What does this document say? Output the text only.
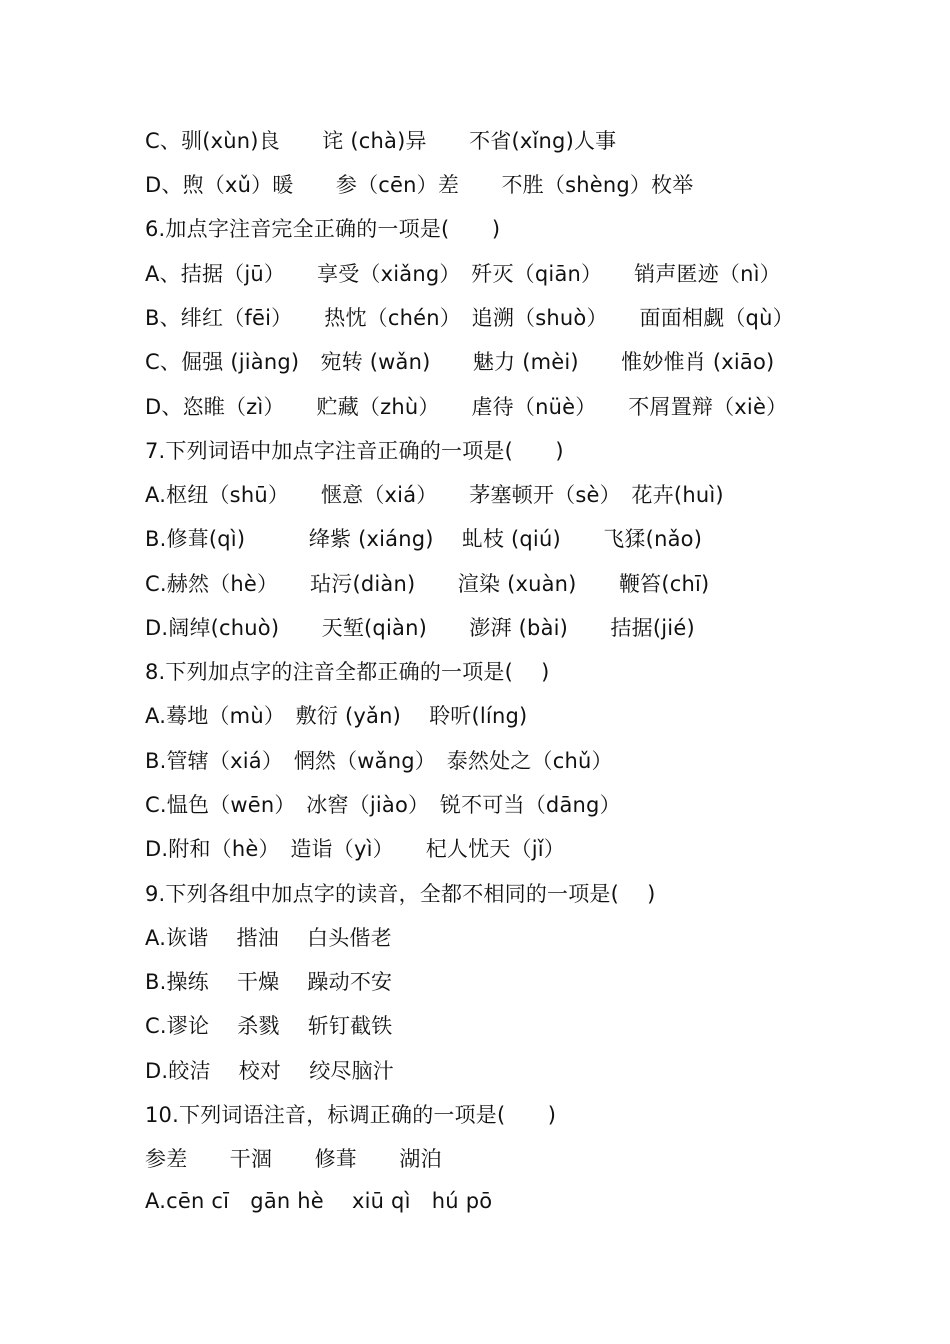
C、驯(xùn)良　　诧 (chà)异　　不省(xǐng)人事
D、煦（xǔ）暖　　参（cēn）差　　不胜（shèng）枚举
6.加点字注音完全正确的一项是(　　)
A、拮据（jū）　　享受（xiǎng）　歼灭（qiān）　　销声匿迹（nì）
B、绯红（fēi）　　热忱（chén）　追溯（shuò）　　面面相觑（qù）
C、倔强 (jiàng)　宛转 (wǎn)　　魅力 (mèi)　　惟妙惟肖 (xiāo)
D、恣睢（zì）　　贮藏（zhù）　　虐待（nüè）　　不屑置辩（xiè）
7.下列词语中加点字注音正确的一项是(　　)
A.枢纽（shū）　　惬意（xiá）　　茅塞顿开（sè）　花卉(huì)
B.修葺(qì)　　　绛紫 (xiáng)　 虬枝 (qiú)　　飞猱(nǎo)
C.赫然（hè）　　玷污(diàn)　　渲染 (xuàn)　　鞭笞(chī)
D.阔绰(chuò)　　天堑(qiàn)　　澎湃 (bài)　　拮据(jié)
8.下列加点字的注音全都正确的一项是(　 )
A.蓦地（mù）　敷衍 (yǎn)　 聆听(líng)
B.管辖（xiá）　惘然（wǎng）　泰然处之（chǔ）
C.愠色（wēn）　冰窖（jiào）　锐不可当（dāng）
D.附和（hè）　造诣（yì）　　杞人忧天（jǐ）
9.下列各组中加点字的读音，全都不相同的一项是(　 )
A.诙谐　 揩油　 白头偕老
B.操练　 干燥　 躁动不安
C.谬论　 杀戮　 斩钉截铁
D.皎洁　 校对　 绞尽脑汁
10.下列词语注音，标调正确的一项是(　　)
参差　　干涸　　修葺　　湖泊
A.cēn cī　gān hè　 xiū qì　hú pō
